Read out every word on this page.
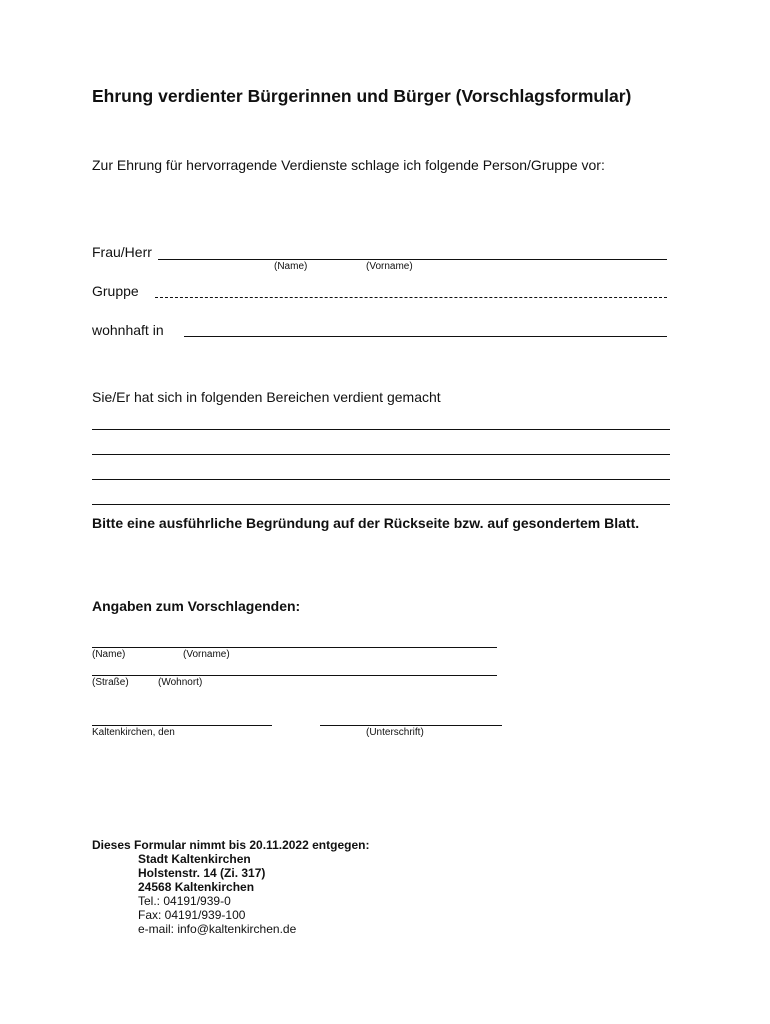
Ehrung verdienter Bürgerinnen und Bürger (Vorschlagsformular)
Zur Ehrung für hervorragende Verdienste schlage ich folgende Person/Gruppe vor:
Frau/Herr
(Name)	(Vorname)
Gruppe
wohnhaft in
Sie/Er hat sich in folgenden Bereichen verdient gemacht
Bitte eine ausführliche Begründung auf der Rückseite bzw. auf gesondertem Blatt.
Angaben zum Vorschlagenden:
(Name)	(Vorname)
(Straße)	(Wohnort)
Kaltenkirchen, den	(Unterschrift)
Dieses Formular nimmt bis 20.11.2022 entgegen:
Stadt Kaltenkirchen
Holstenstr. 14 (Zi. 317)
24568 Kaltenkirchen
Tel.: 04191/939-0
Fax: 04191/939-100
e-mail: info@kaltenkirchen.de
